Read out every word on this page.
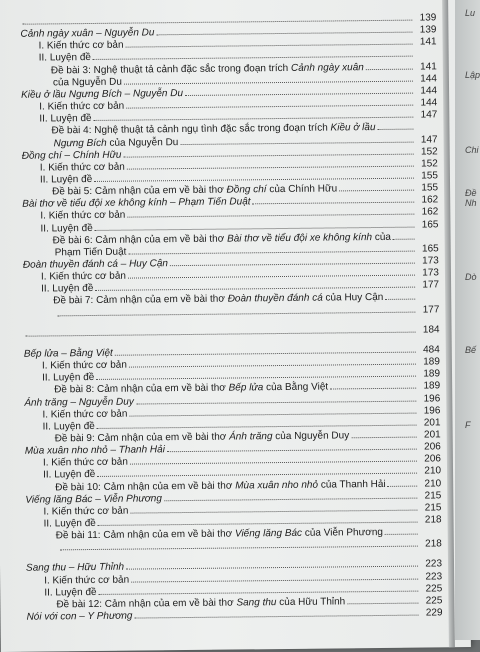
139
Cảnh ngày xuân – Nguyễn Du	139
I. Kiến thức cơ bản	141
II. Luyện đề
Đề bài 3: Nghệ thuật tả cảnh đặc sắc trong đoạn trích Cảnh ngày xuân	141
của Nguyễn Du	144
Kiều ở lầu Ngưng Bích – Nguyễn Du	144
I. Kiến thức cơ bản	144
II. Luyện đề	147
Đề bài 4: Nghệ thuật tả cảnh ngụ tình đặc sắc trong đoạn trích Kiều ở lầu
Ngưng Bích của Nguyễn Du	147
Đồng chí – Chính Hữu	152
I. Kiến thức cơ bản	152
II. Luyện đề	155
Đề bài 5: Cảm nhận của em về bài thơ Đồng chí của Chính Hữu	155
Bài thơ về tiểu đội xe không kính – Phạm Tiến Duật	162
I. Kiến thức cơ bản	162
II. Luyện đề	165
Đề bài 6: Cảm nhận của em về bài thơ Bài thơ về tiểu đội xe không kính của
Phạm Tiến Duật	165
Đoàn thuyền đánh cá – Huy Cận	173
I. Kiến thức cơ bản	173
II. Luyện đề	177
Đề bài 7: Cảm nhận của em về bài thơ Đoàn thuyền đánh cá của Huy Cận
177
184
Bếp lửa – Bằng Việt	484
I. Kiến thức cơ bản	189
II. Luyện đề	189
Đề bài 8: Cảm nhận của em về bài thơ Bếp lửa của Bằng Việt	189
Ánh trăng – Nguyễn Duy	196
I. Kiến thức cơ bản	196
II. Luyện đề	201
Đề bài 9: Cảm nhận của em về bài thơ Ánh trăng của Nguyễn Duy	201
Mùa xuân nho nhỏ – Thanh Hải	206
I. Kiến thức cơ bản	206
II. Luyện đề	210
Đề bài 10: Cảm nhận của em về bài thơ Mùa xuân nho nhỏ của Thanh Hải	210
Viếng lăng Bác – Viễn Phương	215
I. Kiến thức cơ bản	215
II. Luyện đề	218
Đề bài 11: Cảm nhận của em về bài thơ Viếng lăng Bác của Viễn Phương
218
Sang thu – Hữu Thỉnh	223
I. Kiến thức cơ bản	223
II. Luyện đề	225
Đề bài 12: Cảm nhận của em về bài thơ Sang thu của Hữu Thỉnh	225
Nói với con – Y Phương	229
Lu
Lập
Chi
Đề
Nh
Dò
Bế
F
